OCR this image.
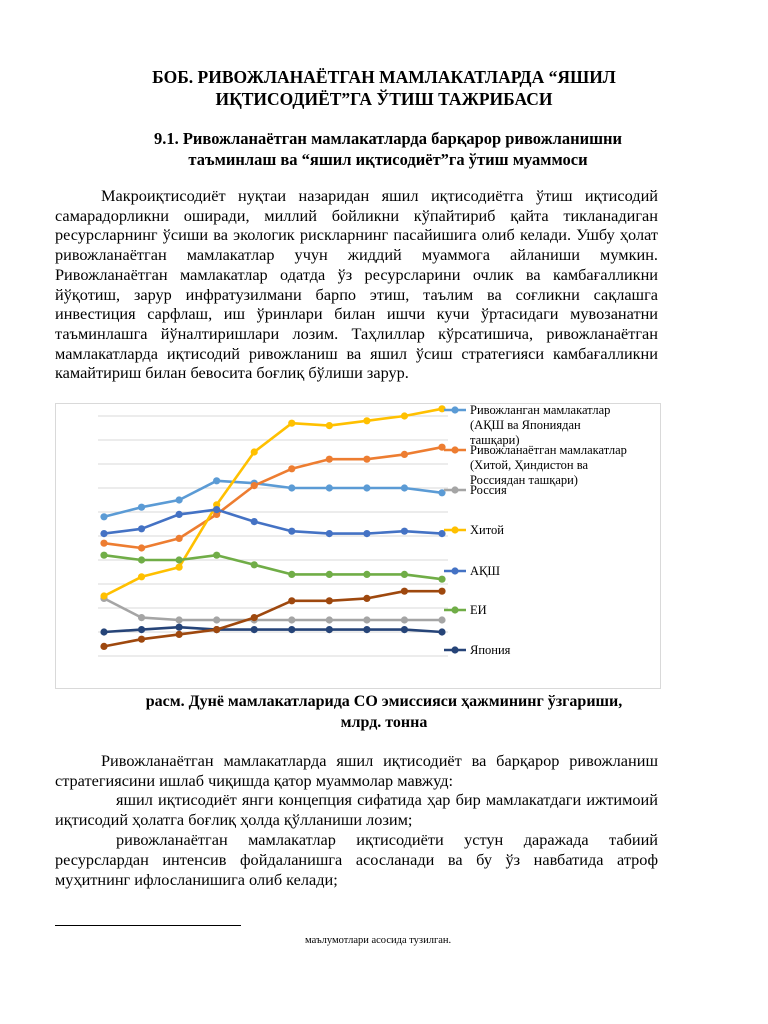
БОБ. РИВОЖЛАНАЁТГАН МАМЛАКАТЛАРДА “ЯШИЛ
ИҚТИСОДИЁТ”ГА ЎТИШ ТАЖРИБАСИ
9.1. Ривожланаётган мамлакатларда барқарор ривожланишни
таъминлаш ва “яшил иқтисодиёт”га ўтиш муаммоси

Макроиқтисодиёт нуқтаи назаридан яшил иқтисодиётга ўтиш иқтисодий самарадорликни оширади, миллий бойликни кўпайтириб қайта тикланадиган ресурсларнинг ўсиши ва экологик рискларнинг пасайишига олиб келади. Ушбу ҳолат ривожланаётган мамлакатлар учун жиддий муаммога айланиши мумкин. Ривожланаётган мамлакатлар одатда ўз ресурсларини очлик ва камбағалликни йўқотиш, зарур инфратузилмани барпо этиш, таълим ва соғликни сақлашга инвестиция сарфлаш, иш ўринлари билан ишчи кучи ўртасидаги мувозанатни таъминлашга йўналтиришлари лозим. Таҳлиллар кўрсатишича, ривожланаётган мамлакатларда иқтисодий ривожланиш ва яшил ўсиш стратегияси камбағалликни камайтириш билан бевосита боғлиқ бўлиши зарур.

Ривожланган мамлакатлар (АҚШ ва Япониядан ташқари)
Ривожланаётган мамлакатлар (Хитой, Ҳиндистон ва Россиядан ташқари)
Россия
Хитой
АҚШ
ЕИ
Япония
расм. Дунё мамлакатларида СО эмиссияси ҳажмининг ўзгариши,
млрд. тонна

Ривожланаётган мамлакатларда яшил иқтисодиёт ва барқарор ривожланиш стратегиясини ишлаб чиқишда қатор муаммолар мавжуд:

яшил иқтисодиёт янги концепция сифатида ҳар бир мамлакатдаги ижтимоий иқтисодий ҳолатга боғлиқ ҳолда қўлланиши лозим;

ривожланаётган мамлакатлар иқтисодиёти устун даражада табиий ресурслардан интенсив фойдаланишга асосланади ва бу ўз навбатида атроф муҳитнинг ифлосланишига олиб келади;

маълумотлари асосида тузилган.
